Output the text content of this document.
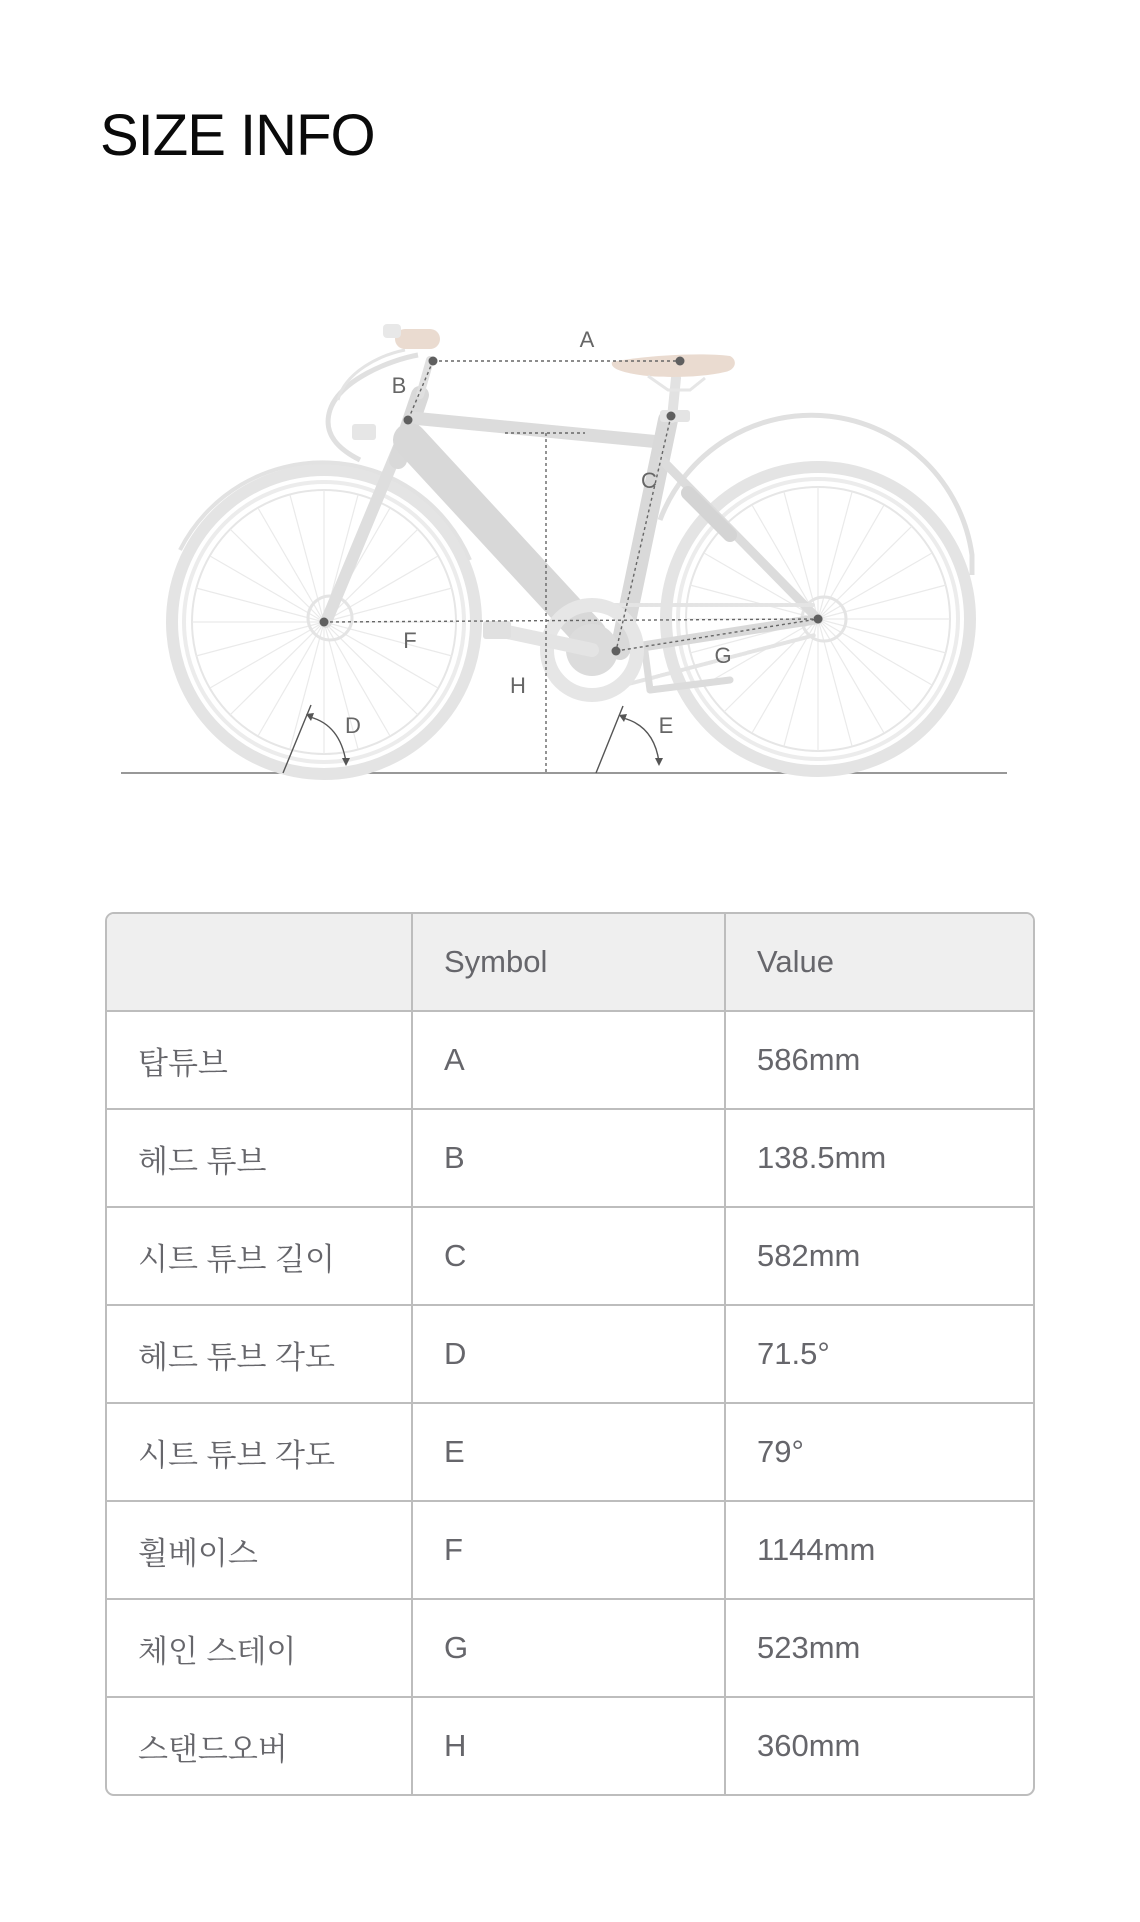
SIZE INFO
A
B
C
D	E
F
G
H
	Symbol	Value
탑튜브	A	586mm
헤드 튜브	B	138.5mm
시트 튜브 길이	C	582mm
헤드 튜브 각도	D	71.5°
시트 튜브 각도	E	79°
휠베이스	F	1144mm
체인 스테이	G	523mm
스탠드오버	H	360mm
